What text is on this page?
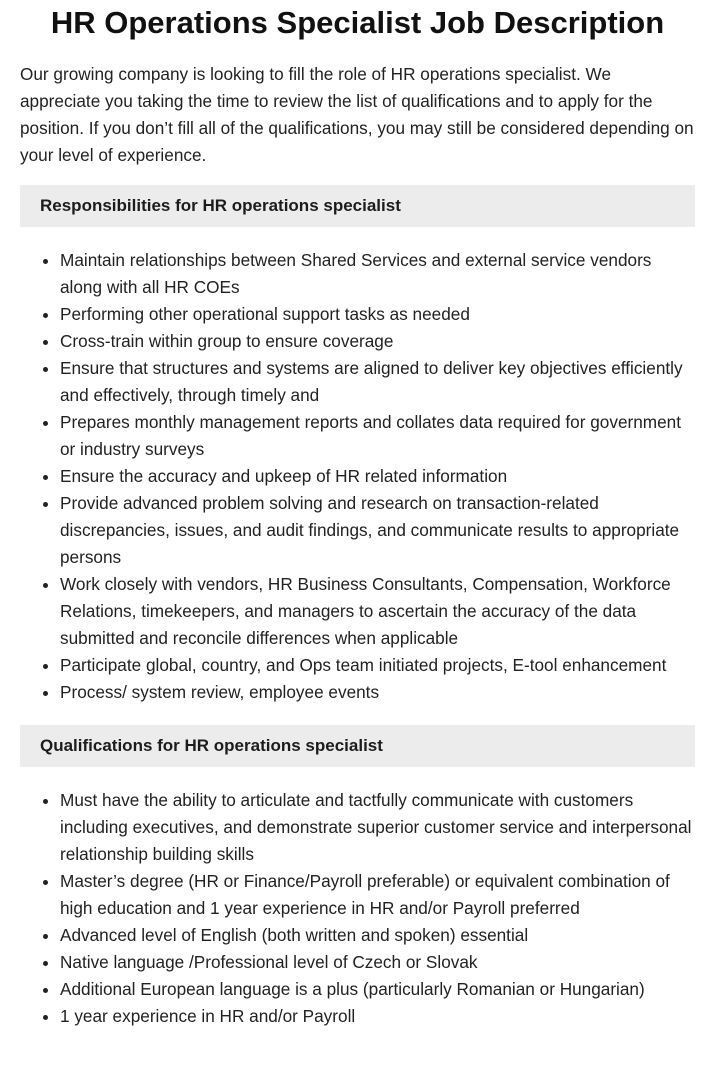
HR Operations Specialist Job Description

Our growing company is looking to fill the role of HR operations specialist. We appreciate you taking the time to review the list of qualifications and to apply for the position. If you don’t fill all of the qualifications, you may still be considered depending on your level of experience.

Responsibilities for HR operations specialist
• Maintain relationships between Shared Services and external service vendors along with all HR COEs
• Performing other operational support tasks as needed
• Cross-train within group to ensure coverage
• Ensure that structures and systems are aligned to deliver key objectives efficiently and effectively, through timely and
• Prepares monthly management reports and collates data required for government or industry surveys
• Ensure the accuracy and upkeep of HR related information
• Provide advanced problem solving and research on transaction-related discrepancies, issues, and audit findings, and communicate results to appropriate persons
• Work closely with vendors, HR Business Consultants, Compensation, Workforce Relations, timekeepers, and managers to ascertain the accuracy of the data submitted and reconcile differences when applicable
• Participate global, country, and Ops team initiated projects, E-tool enhancement
• Process/ system review, employee events
Qualifications for HR operations specialist
• Must have the ability to articulate and tactfully communicate with customers including executives, and demonstrate superior customer service and interpersonal relationship building skills
• Master’s degree (HR or Finance/Payroll preferable) or equivalent combination of high education and 1 year experience in HR and/or Payroll preferred
• Advanced level of English (both written and spoken) essential
• Native language /Professional level of Czech or Slovak
• Additional European language is a plus (particularly Romanian or Hungarian)
• 1 year experience in HR and/or Payroll
